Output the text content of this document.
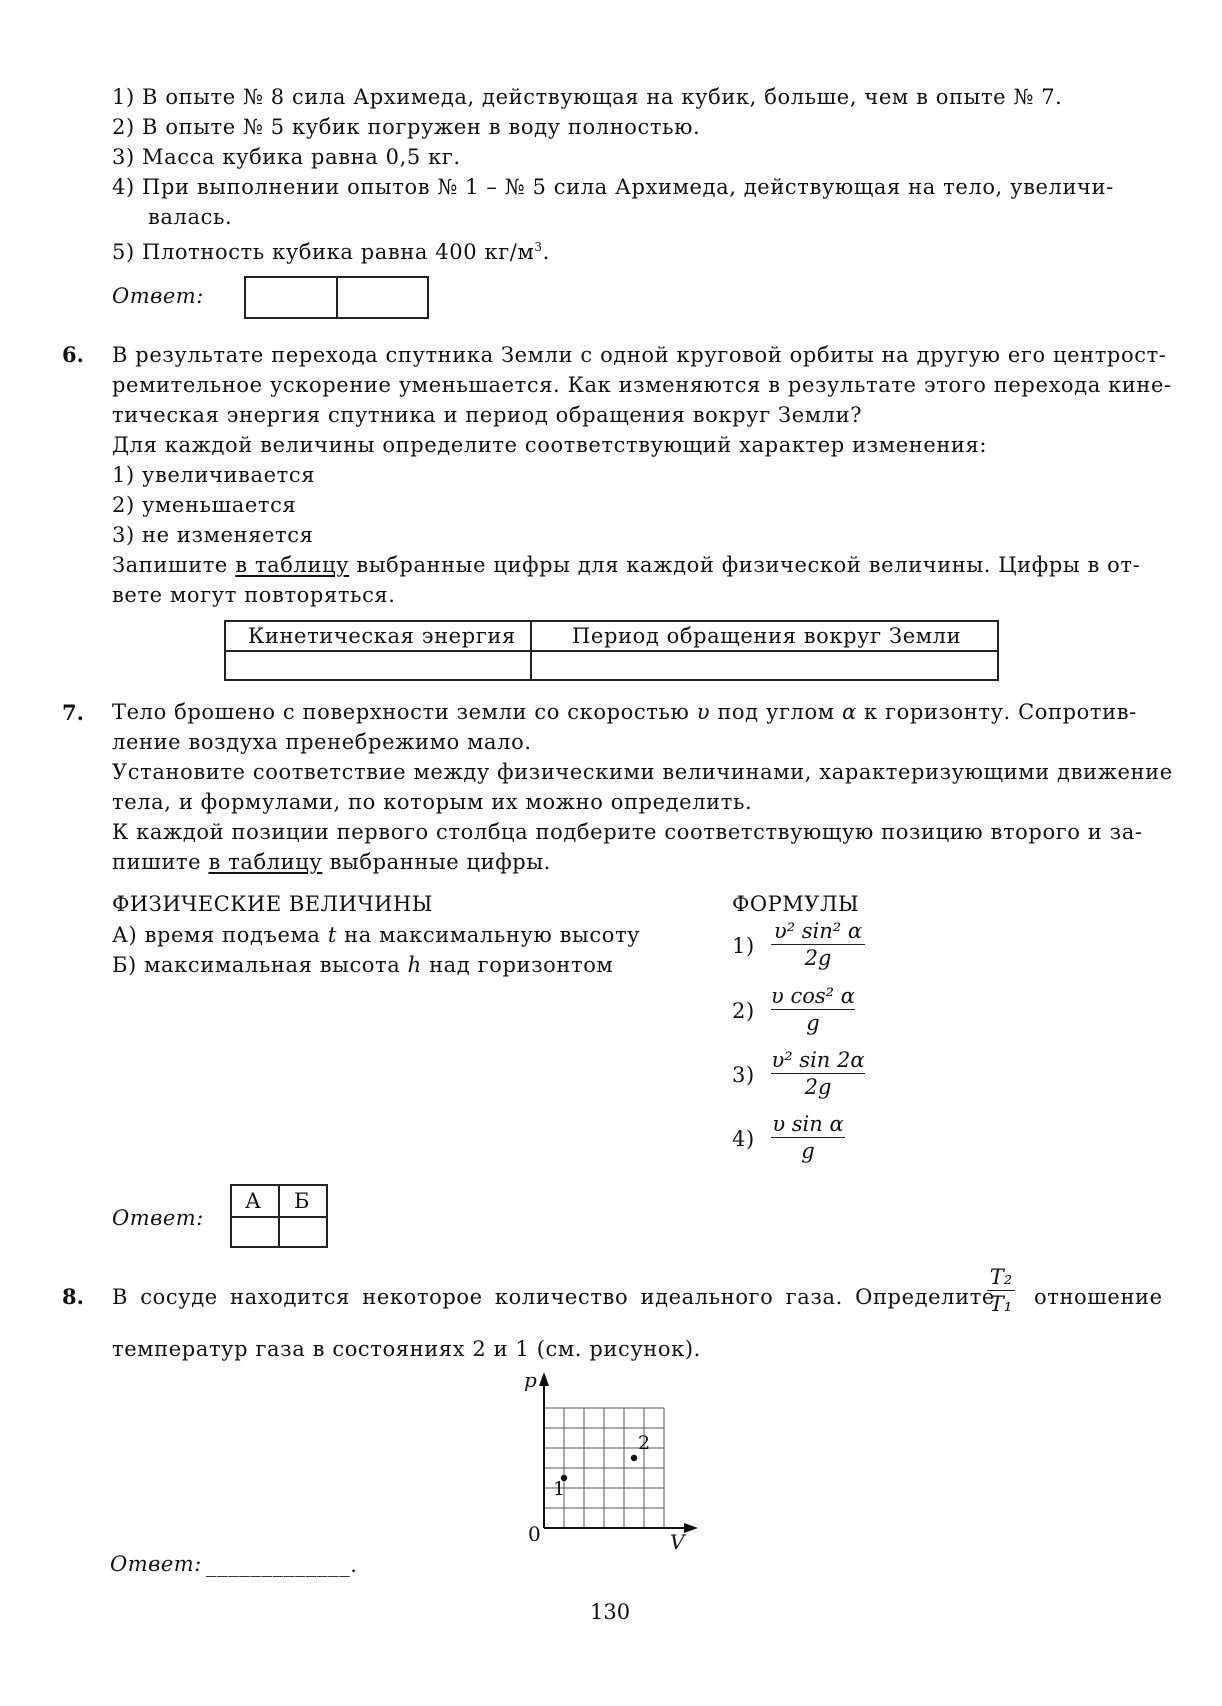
1) В опыте № 8 сила Архимеда, действующая на кубик, больше, чем в опыте № 7.
2) В опыте № 5 кубик погружен в воду полностью.
3) Масса кубика равна 0,5 кг.
4) При выполнении опытов № 1 – № 5 сила Архимеда, действующая на тело, увеличи-
валась.
5) Плотность кубика равна 400 $кг/м^3$.
Ответ:
6. В результате перехода спутника Земли с одной круговой орбиты на другую его центрост-
ремительное ускорение уменьшается. Как изменяются в результате этого перехода кине-
тическая энергия спутника и период обращения вокруг Земли?
Для каждой величины определите соответствующий характер изменения:
1) увеличивается
2) уменьшается
3) не изменяется
Запишите в таблицу выбранные цифры для каждой физической величины. Цифры в от-
вете могут повторяться.
Кинетическая энергия	Период обращения вокруг Земли
7. Тело брошено с поверхности земли со скоростью υ под углом α к горизонту. Сопротив-
ление воздуха пренебрежимо мало.
Установите соответствие между физическими величинами, характеризующими движение
тела, и формулами, по которым их можно определить.
К каждой позиции первого столбца подберите соответствующую позицию второго и за-
пишите в таблицу выбранные цифры.
ФИЗИЧЕСКИЕ ВЕЛИЧИНЫ	ФОРМУЛЫ
А) время подъема t на максимальную высоту
Б) максимальная высота h над горизонтом
1)
υ² sin² α
2g
2)
υ cos² α
g
3)
υ² sin 2α
2g
4)
υ sin α
g
Ответ:
А Б
8. В сосуде находится некоторое количество идеального газа. Определите
T₂
T₁ отношение
температур газа в состояниях 2 и 1 (см. рисунок).
p
V
0
1
2
Ответ: _____________.
130
